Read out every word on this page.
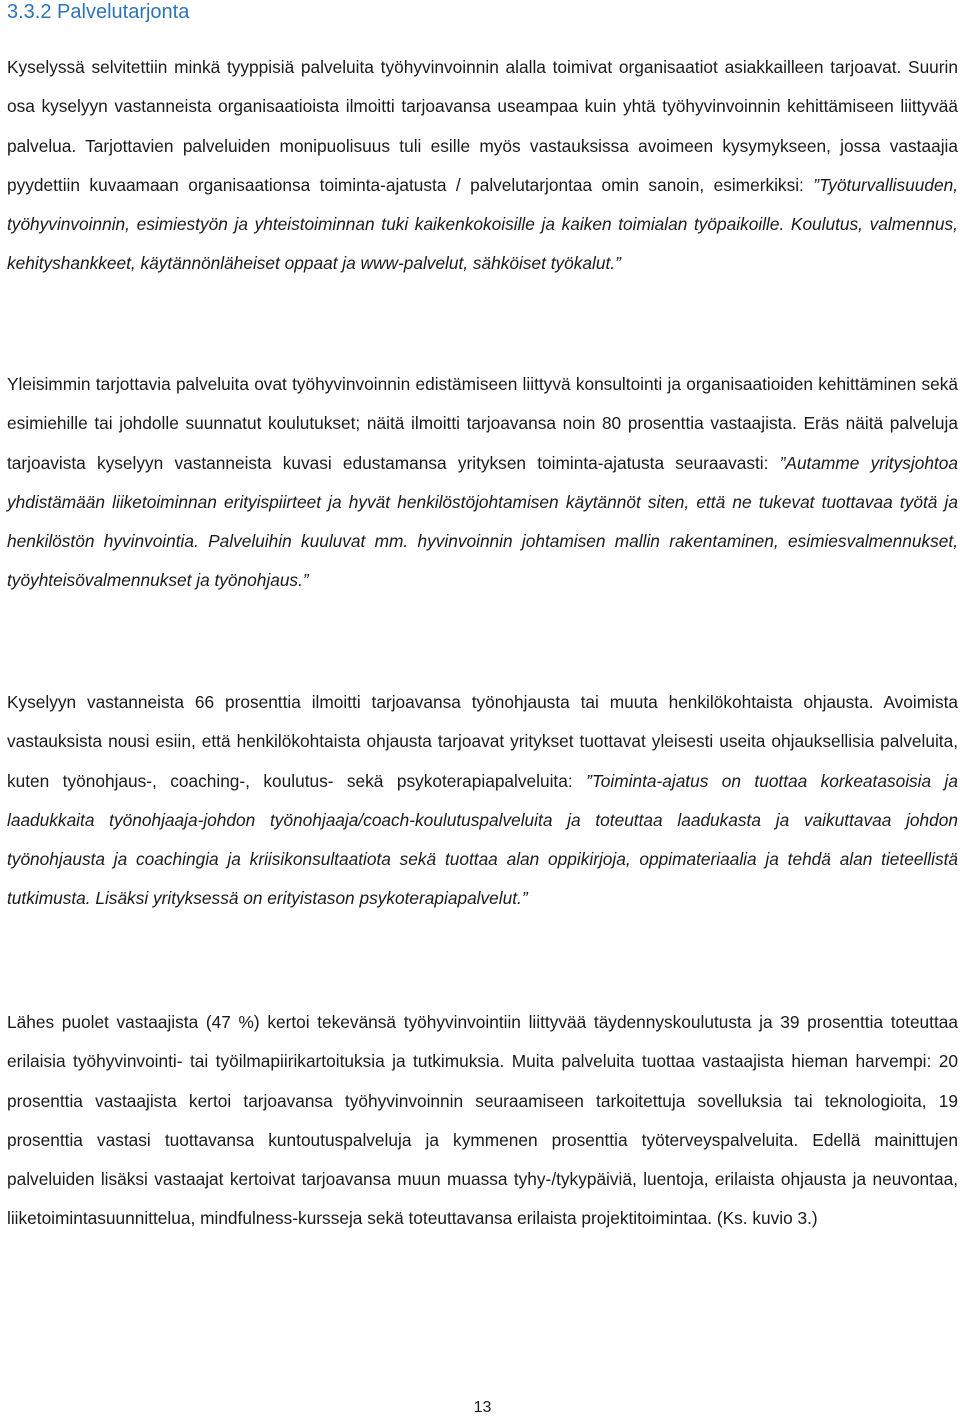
3.3.2 Palvelutarjonta

Kyselyssä selvitettiin minkä tyyppisiä palveluita työhyvinvoinnin alalla toimivat organisaatiot asiakkailleen tarjoavat. Suurin osa kyselyyn vastanneista organisaatioista ilmoitti tarjoavansa useampaa kuin yhtä työhyvinvoinnin kehittämiseen liittyvää palvelua. Tarjottavien palveluiden monipuolisuus tuli esille myös vastauksissa avoimeen kysymykseen, jossa vastaajia pyydettiin kuvaamaan organisaationsa toiminta-ajatusta / palvelutarjontaa omin sanoin, esimerkiksi: ”Työturvallisuuden, työhyvinvoinnin, esimiestyön ja yhteistoiminnan tuki kaikenkokoisille ja kaiken toimialan työpaikoille. Koulutus, valmennus, kehityshankkeet, käytännönläheiset oppaat ja www-palvelut, sähköiset työkalut.”

Yleisimmin tarjottavia palveluita ovat työhyvinvoinnin edistämiseen liittyvä konsultointi ja organisaatioiden kehittäminen sekä esimiehille tai johdolle suunnatut koulutukset; näitä ilmoitti tarjoavansa noin 80 prosenttia vastaajista. Eräs näitä palveluja tarjoavista kyselyyn vastanneista kuvasi edustamansa yrityksen toiminta-ajatusta seuraavasti: ”Autamme yritysjohtoa yhdistämään liiketoiminnan erityispiirteet ja hyvät henkilöstöjohtamisen käytännöt siten, että ne tukevat tuottavaa työtä ja henkilöstön hyvinvointia. Palveluihin kuuluvat mm. hyvinvoinnin johtamisen mallin rakentaminen, esimiesvalmennukset, työyhteisövalmennukset ja työnohjaus.”

Kyselyyn vastanneista 66 prosenttia ilmoitti tarjoavansa työnohjausta tai muuta henkilökohtaista ohjausta. Avoimista vastauksista nousi esiin, että henkilökohtaista ohjausta tarjoavat yritykset tuottavat yleisesti useita ohjauksellisia palveluita, kuten työnohjaus-, coaching-, koulutus- sekä psykoterapiapalveluita: ”Toiminta-ajatus on tuottaa korkeatasoisia ja laadukkaita työnohjaaja-johdon työnohjaaja/coach-koulutuspalveluita ja toteuttaa laadukasta ja vaikuttavaa johdon työnohjausta ja coachingia ja kriisikonsultaatiota sekä tuottaa alan oppikirjoja, oppimateriaalia ja tehdä alan tieteellistä tutkimusta. Lisäksi yrityksessä on erityistason psykoterapiapalvelut.”

Lähes puolet vastaajista (47 %) kertoi tekevänsä työhyvinvointiin liittyvää täydennyskoulutusta ja 39 prosenttia toteuttaa erilaisia työhyvinvointi- tai työilmapiirikartoituksia ja tutkimuksia. Muita palveluita tuottaa vastaajista hieman harvempi: 20 prosenttia vastaajista kertoi tarjoavansa työhyvinvoinnin seuraamiseen tarkoitettuja sovelluksia tai teknologioita, 19 prosenttia vastasi tuottavansa kuntoutuspalveluja ja kymmenen prosenttia työterveyspalveluita. Edellä mainittujen palveluiden lisäksi vastaajat kertoivat tarjoavansa muun muassa tyhy-/tykypäiviä, luentoja, erilaista ohjausta ja neuvontaa, liiketoimintasuunnittelua, mindfulness-kursseja sekä toteuttavansa erilaista projektitoimintaa. (Ks. kuvio 3.)

13
